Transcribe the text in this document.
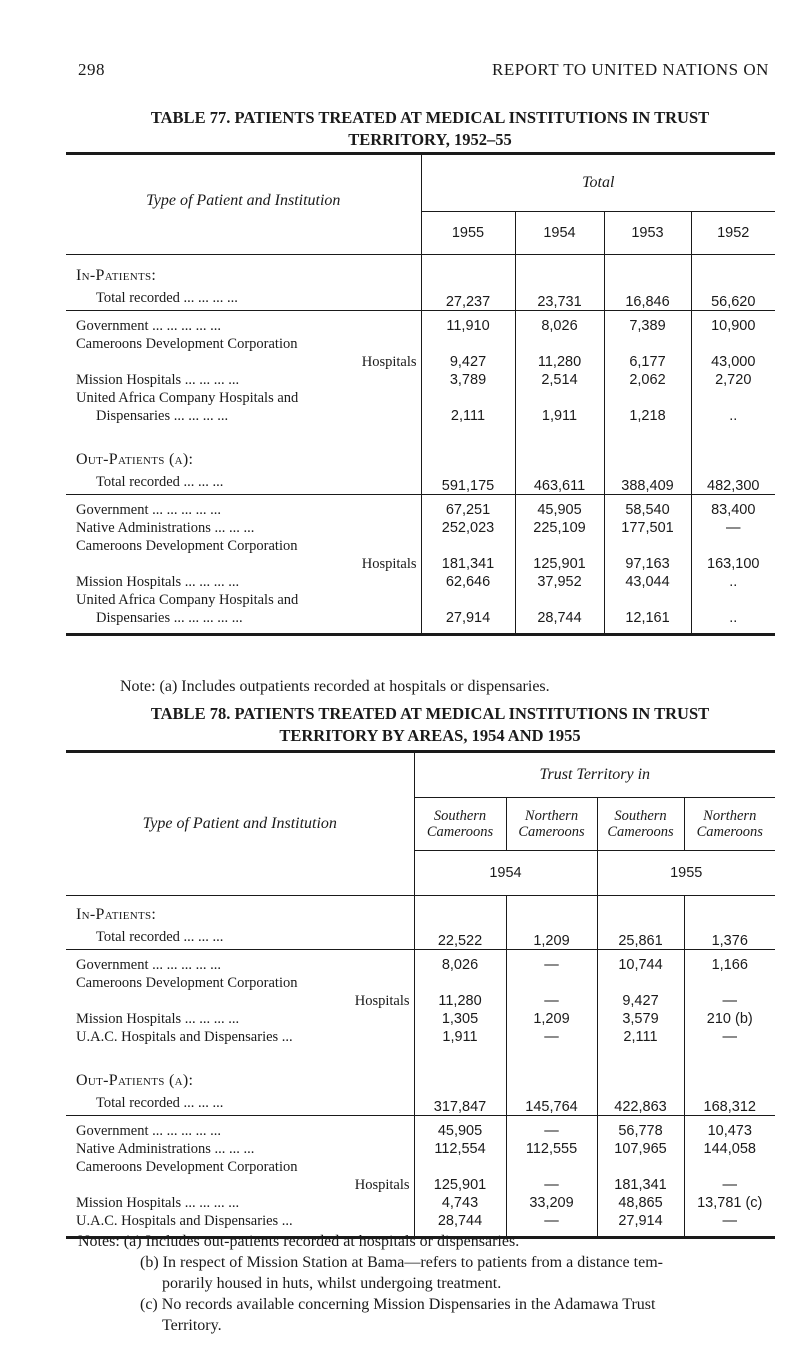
298	REPORT TO UNITED NATIONS ON
TABLE 77. PATIENTS TREATED AT MEDICAL INSTITUTIONS IN TRUST
TERRITORY, 1952–55
Type of Patient and Institution	Total			
	1955	1954	1953	1952
In-Patients:				
Total recorded ... ... ... ...	27,237	23,731	16,846	56,620

Government ... ... ... ... ...	11,910	8,026	7,389	10,900

Cameroons Development Corporation
Hospitals	9,427	11,280	6,177	43,000

Mission Hospitals ... ... ... ...	3,789	2,514	2,062	2,720

United Africa Company Hospitals and
Dispensaries ... ... ... ...	2,111	1,911	1,218	..

Out-Patients (a):				
Total recorded ... ... ...	591,175	463,611	388,409	482,300

Government ... ... ... ... ...	67,251	45,905	58,540	83,400

Native Administrations ... ... ...	252,023	225,109	177,501	—

Cameroons Development Corporation
Hospitals	181,341	125,901	97,163	163,100

Mission Hospitals ... ... ... ...	62,646	37,952	43,044	..

United Africa Company Hospitals and
Dispensaries ... ... ... ... ...	27,914	28,744	12,161	..

Note: (a) Includes outpatients recorded at hospitals or dispensaries.
TABLE 78. PATIENTS TREATED AT MEDICAL INSTITUTIONS IN TRUST
TERRITORY BY AREAS, 1954 AND 1955
Type of Patient and Institution	Trust Territory in			
	Southern Cameroons	Northern Cameroons	Southern Cameroons	Northern Cameroons
	1954		1955	
In-Patients:				
Total recorded ... ... ...	22,522	1,209	25,861	1,376

Government ... ... ... ... ...	8,026	—	10,744	1,166

Cameroons Development Corporation
Hospitals	11,280	—	9,427	—

Mission Hospitals ... ... ... ...	1,305	1,209	3,579	210 (b)

U.A.C. Hospitals and Dispensaries ...	1,911	—	2,111	—

Out-Patients (a):				
Total recorded ... ... ...	317,847	145,764	422,863	168,312

Government ... ... ... ... ...	45,905	—	56,778	10,473

Native Administrations ... ... ...	112,554	112,555	107,965	144,058

Cameroons Development Corporation
Hospitals	125,901	—	181,341	—

Mission Hospitals ... ... ... ...	4,743	33,209	48,865	13,781 (c)

U.A.C. Hospitals and Dispensaries ...	28,744	—	27,914	—

Notes: (a) Includes out-patients recorded at hospitals or dispensaries.
(b) In respect of Mission Station at Bama—refers to patients from a distance tem-
porarily housed in huts, whilst undergoing treatment.
(c) No records available concerning Mission Dispensaries in the Adamawa Trust
Territory.
